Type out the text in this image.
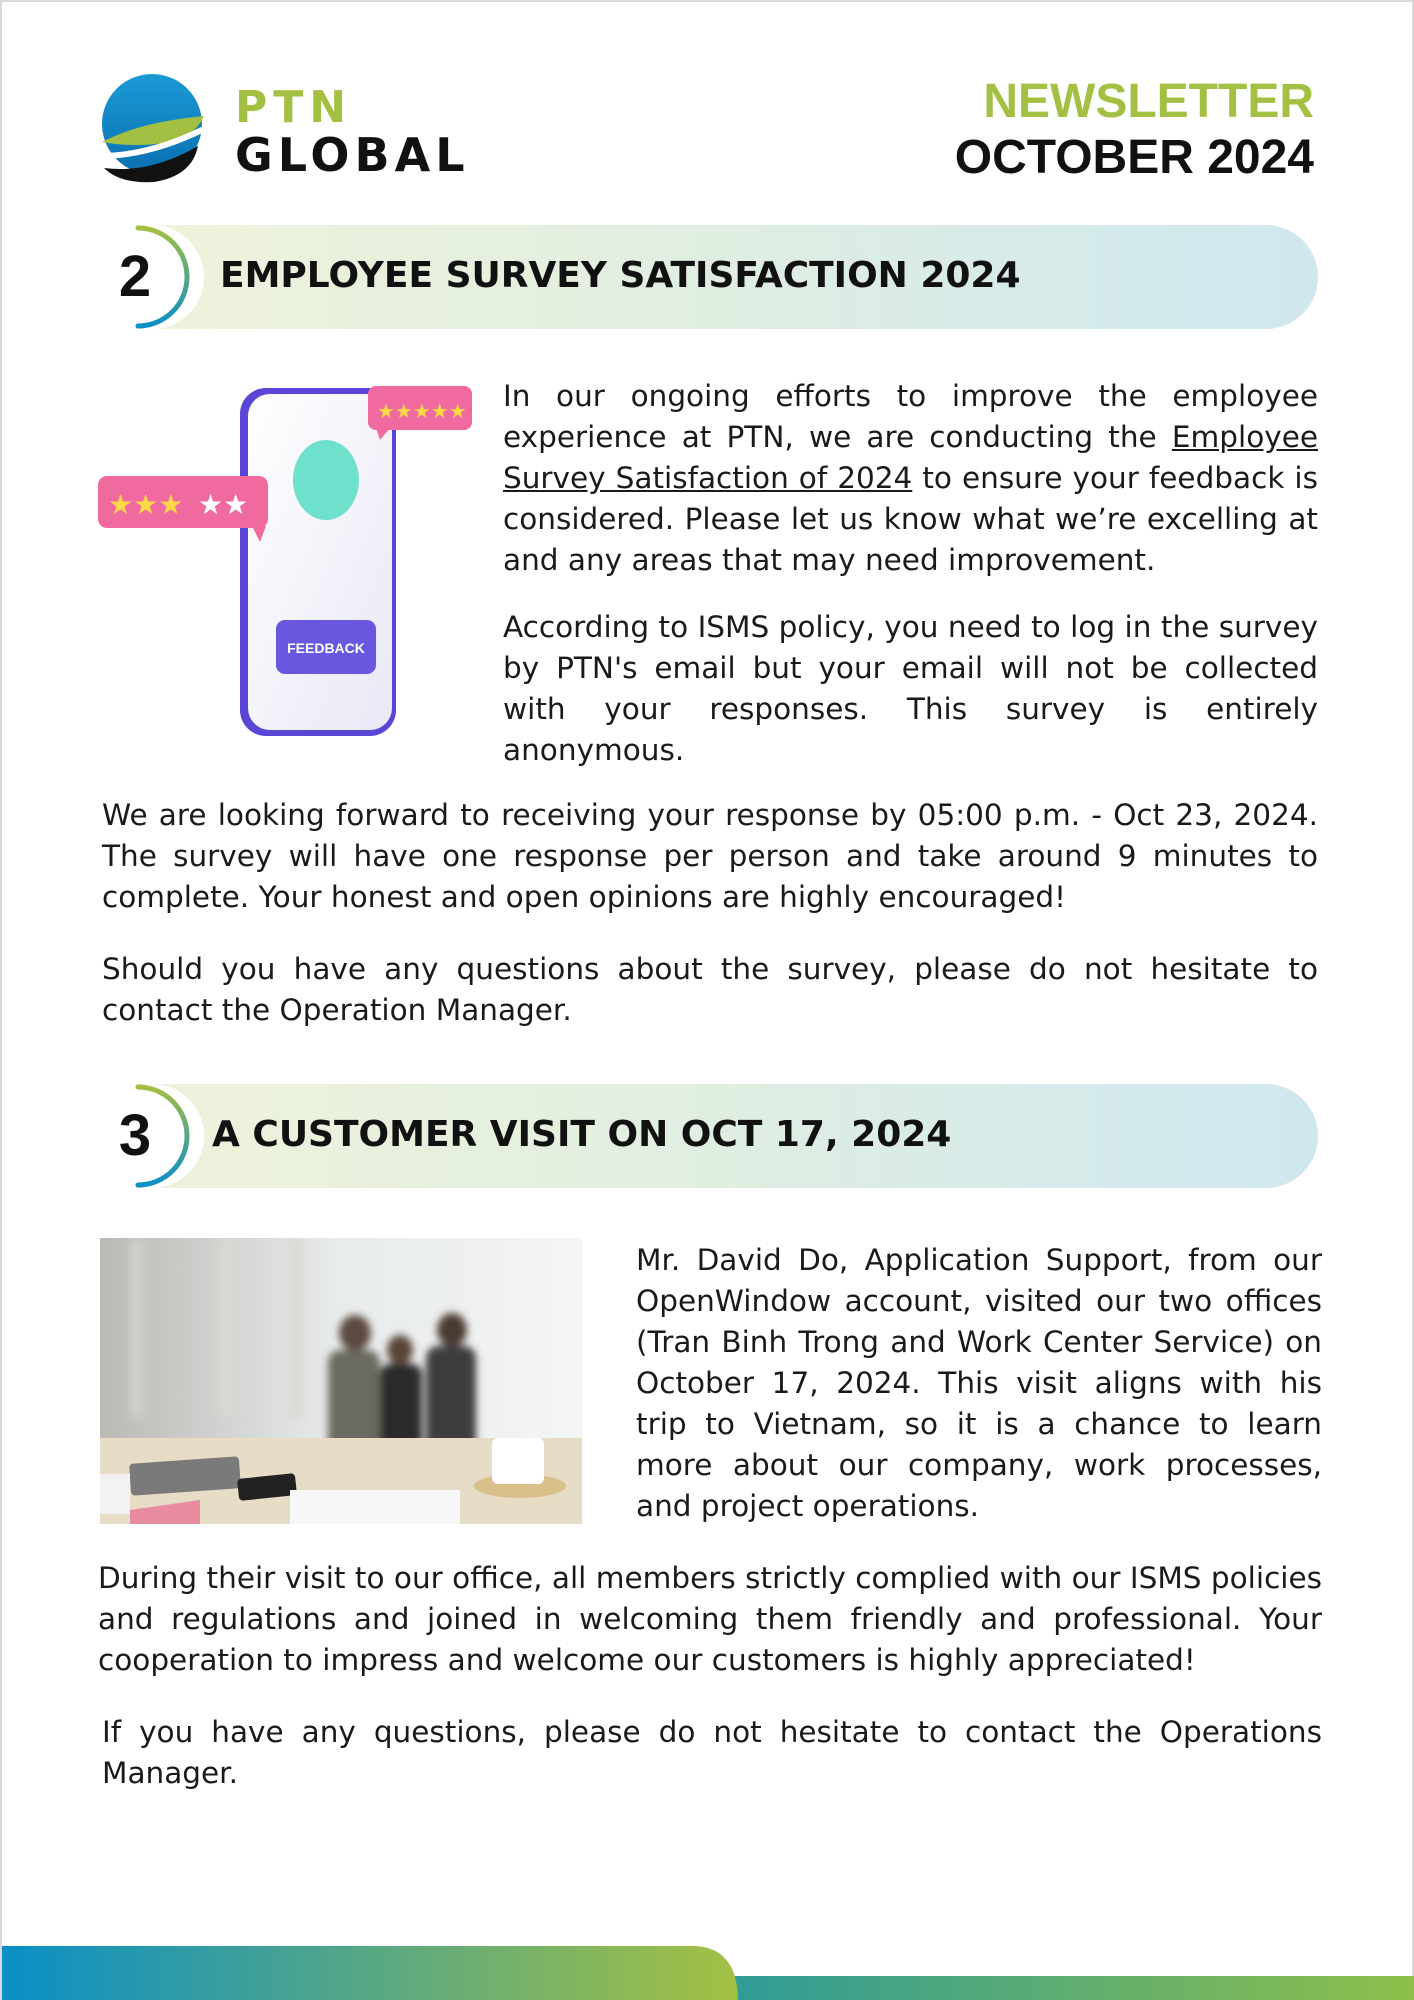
PTN
GLOBAL
NEWSLETTER
OCTOBER 2024
2	EMPLOYEE SURVEY SATISFACTION 2024
FEEDBACK
★★★★★
★★★ ★★

In our ongoing efforts to improve the employee experience at PTN, we are conducting the Employee Survey Satisfaction of 2024 to ensure your feedback is considered. Please let us know what we’re excelling at and any areas that may need improvement.

According to ISMS policy, you need to log in the survey by PTN's email but your email will not be collected with your responses. This survey is entirely anonymous.

We are looking forward to receiving your response by 05:00 p.m. - Oct 23, 2024. The survey will have one response per person and take around 9 minutes to complete. Your honest and open opinions are highly encouraged!

Should you have any questions about the survey, please do not hesitate to contact the Operation Manager.

3	A CUSTOMER VISIT ON OCT 17, 2024

Mr. David Do, Application Support, from our OpenWindow account, visited our two offices (Tran Binh Trong and Work Center Service) on October 17, 2024. This visit aligns with his trip to Vietnam, so it is a chance to learn more about our company, work processes, and project operations.

During their visit to our office, all members strictly complied with our ISMS policies and regulations and joined in welcoming them friendly and professional. Your cooperation to impress and welcome our customers is highly appreciated!

If you have any questions, please do not hesitate to contact the Operations Manager.
